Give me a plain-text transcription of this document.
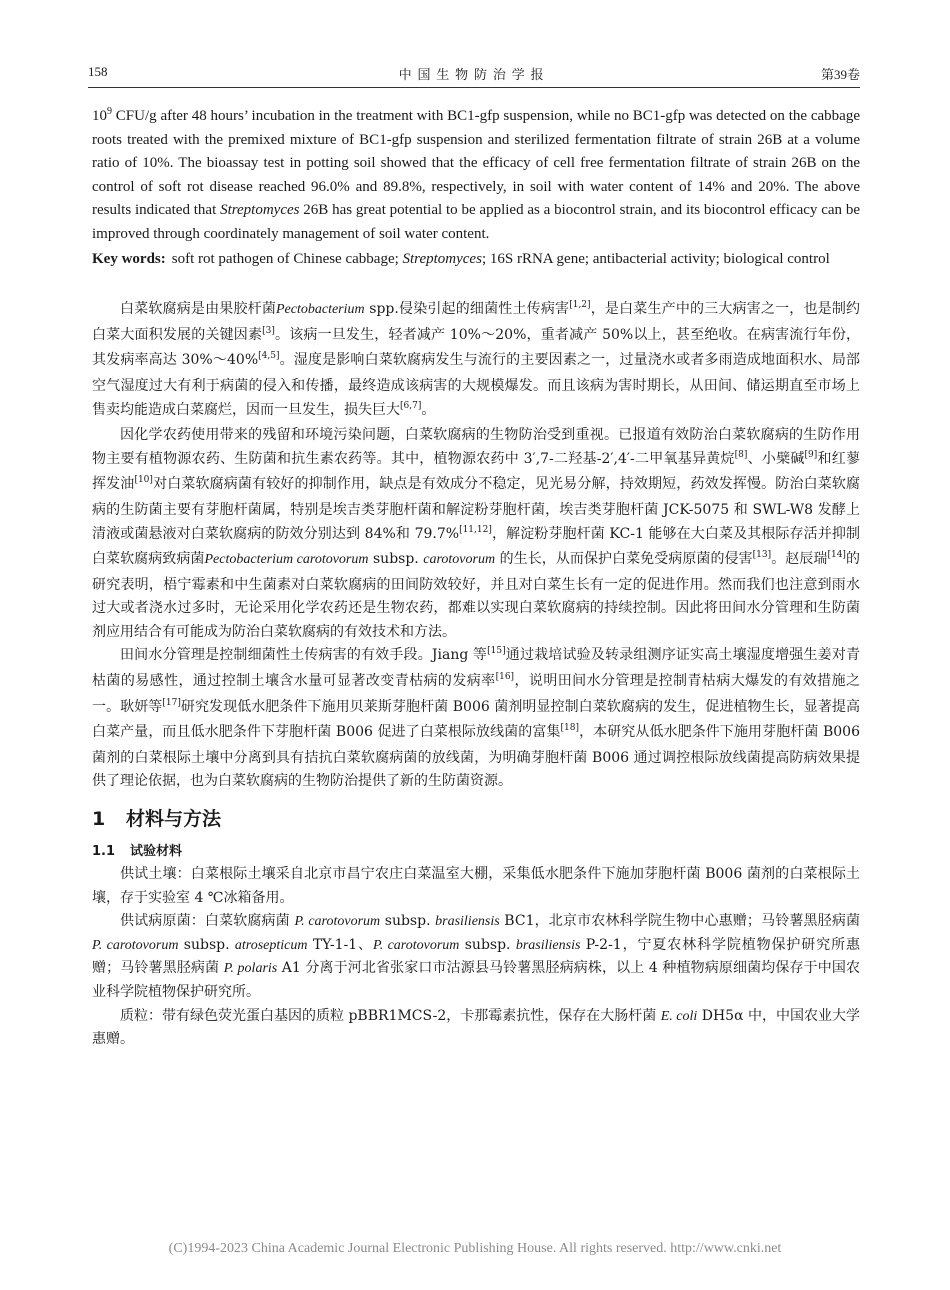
158	中国生物防治学报	第39卷

$10^9$ CFU/g after 48 hours’ incubation in the treatment with BC1-gfp suspension, while no BC1-gfp was detected on the cabbage roots treated with the premixed mixture of BC1-gfp suspension and sterilized fermentation filtrate of strain 26B at a volume ratio of 10%. The bioassay test in potting soil showed that the efficacy of cell free fermentation filtrate of strain 26B on the control of soft rot disease reached 96.0% and 89.8%, respectively, in soil with water content of 14% and 20%. The above results indicated that Streptomyces 26B has great potential to be applied as a biocontrol strain, and its biocontrol efficacy can be improved through coordinately management of soil water content.

Key words: soft rot pathogen of Chinese cabbage; Streptomyces; 16S rRNA gene; antibacterial activity; biological control

白菜软腐病是由果胶杆菌Pectobacterium spp.侵染引起的细菌性土传病害[1,2]，是白菜生产中的三大病害之一，也是制约白菜大面积发展的关键因素[3]。该病一旦发生，轻者减产 10%～20%，重者减产 50%以上，甚至绝收。在病害流行年份，其发病率高达 30%～40%[4,5]。湿度是影响白菜软腐病发生与流行的主要因素之一，过量浇水或者多雨造成地面积水、局部空气湿度过大有利于病菌的侵入和传播，最终造成该病害的大规模爆发。而且该病为害时期长，从田间、储运期直至市场上售卖均能造成白菜腐烂，因而一旦发生，损失巨大[6,7]。

因化学农药使用带来的残留和环境污染问题，白菜软腐病的生物防治受到重视。已报道有效防治白菜软腐病的生防作用物主要有植物源农药、生防菌和抗生素农药等。其中，植物源农药中 3′,7-二羟基-2′,4′-二甲氧基异黄烷[8]、小檗碱[9]和红蓼挥发油[10]对白菜软腐病菌有较好的抑制作用，缺点是有效成分不稳定，见光易分解，持效期短，药效发挥慢。防治白菜软腐病的生防菌主要有芽胞杆菌属，特别是埃吉类芽胞杆菌和解淀粉芽胞杆菌，埃吉类芽胞杆菌 JCK-5075 和 SWL-W8 发酵上清液或菌悬液对白菜软腐病的防效分别达到 84%和 79.7%[11,12]，解淀粉芽胞杆菌 KC-1 能够在大白菜及其根际存活并抑制白菜软腐病致病菌Pectobacterium carotovorum subsp. carotovorum 的生长，从而保护白菜免受病原菌的侵害[13]。赵辰瑞[14]的研究表明，梧宁霉素和中生菌素对白菜软腐病的田间防效较好，并且对白菜生长有一定的促进作用。然而我们也注意到雨水过大或者浇水过多时，无论采用化学农药还是生物农药，都难以实现白菜软腐病的持续控制。因此将田间水分管理和生防菌剂应用结合有可能成为防治白菜软腐病的有效技术和方法。

田间水分管理是控制细菌性土传病害的有效手段。Jiang 等[15]通过栽培试验及转录组测序证实高土壤湿度增强生姜对青枯菌的易感性，通过控制土壤含水量可显著改变青枯病的发病率[16]，说明田间水分管理是控制青枯病大爆发的有效措施之一。耿妍等[17]研究发现低水肥条件下施用贝莱斯芽胞杆菌 B006 菌剂明显控制白菜软腐病的发生，促进植物生长，显著提高白菜产量，而且低水肥条件下芽胞杆菌 B006 促进了白菜根际放线菌的富集[18]，本研究从低水肥条件下施用芽胞杆菌 B006 菌剂的白菜根际土壤中分离到具有拮抗白菜软腐病菌的放线菌，为明确芽胞杆菌 B006 通过调控根际放线菌提高防病效果提供了理论依据，也为白菜软腐病的生物防治提供了新的生防菌资源。

1 材料与方法
1.1 试验材料

供试土壤：白菜根际土壤采自北京市昌宁农庄白菜温室大棚，采集低水肥条件下施加芽胞杆菌 B006 菌剂的白菜根际土壤，存于实验室 4 ℃冰箱备用。

供试病原菌：白菜软腐病菌 P. carotovorum subsp. brasiliensis BC1，北京市农林科学院生物中心惠赠；马铃薯黑胫病菌 P. carotovorum subsp. atrosepticum TY-1-1、P. carotovorum subsp. brasiliensis P-2-1，宁夏农林科学院植物保护研究所惠赠；马铃薯黑胫病菌 P. polaris A1 分离于河北省张家口市沽源县马铃薯黑胫病病株，以上 4 种植物病原细菌均保存于中国农业科学院植物保护研究所。

质粒：带有绿色荧光蛋白基因的质粒 pBBR1MCS-2，卡那霉素抗性，保存在大肠杆菌 E. coli DH5α 中，中国农业大学惠赠。

(C)1994-2023 China Academic Journal Electronic Publishing House. All rights reserved. http://www.cnki.net
